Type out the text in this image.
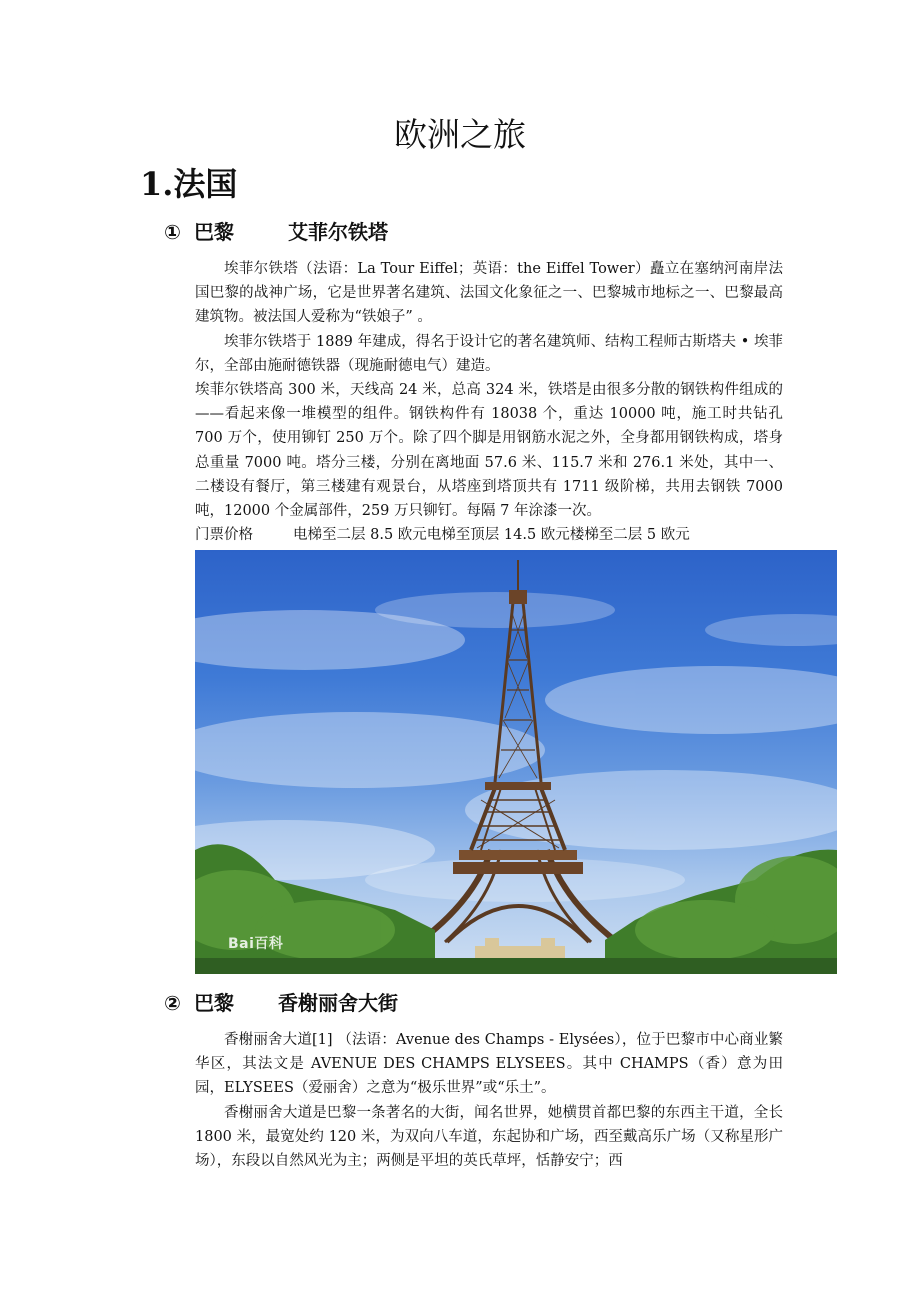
欧洲之旅
1.法国
① 巴黎	艾菲尔铁塔

埃菲尔铁塔（法语：La Tour Eiffel；英语：the Eiffel Tower）矗立在塞纳河南岸法国巴黎的战神广场，它是世界著名建筑、法国文化象征之一、巴黎城市地标之一、巴黎最高建筑物。被法国人爱称为“铁娘子” 。

埃菲尔铁塔于 1889 年建成，得名于设计它的著名建筑师、结构工程师古斯塔夫 • 埃菲尔，全部由施耐德铁器（现施耐德电气）建造。

埃菲尔铁塔高 300 米，天线高 24 米，总高 324 米，铁塔是由很多分散的钢铁构件组成的——看起来像一堆模型的组件。钢铁构件有 18038 个，重达 10000 吨，施工时共钻孔 700 万个，使用铆钉 250 万个。除了四个脚是用钢筋水泥之外，全身都用钢铁构成，塔身总重量 7000 吨。塔分三楼，分别在离地面 57.6 米、115.7 米和 276.1 米处，其中一、二楼设有餐厅，第三楼建有观景台，从塔座到塔顶共有 1711 级阶梯，共用去钢铁 7000 吨，12000 个金属部件，259 万只铆钉。每隔 7 年涂漆一次。

门票价格	电梯至二层 8.5 欧元电梯至顶层 14.5 欧元楼梯至二层 5 欧元

Bai百科
② 巴黎 香榭丽舍大街

香榭丽舍大道[1] （法语：Avenue des Champs - Elysées），位于巴黎市中心商业繁华区，其法文是 AVENUE DES CHAMPS ELYSEES。其中 CHAMPS（香）意为田园，ELYSEES（爱丽舍）之意为“极乐世界”或“乐土”。

香榭丽舍大道是巴黎一条著名的大街，闻名世界，她横贯首都巴黎的东西主干道，全长 1800 米，最宽处约 120 米，为双向八车道，东起协和广场，西至戴高乐广场（又称星形广场），东段以自然风光为主；两侧是平坦的英氏草坪，恬静安宁；西
